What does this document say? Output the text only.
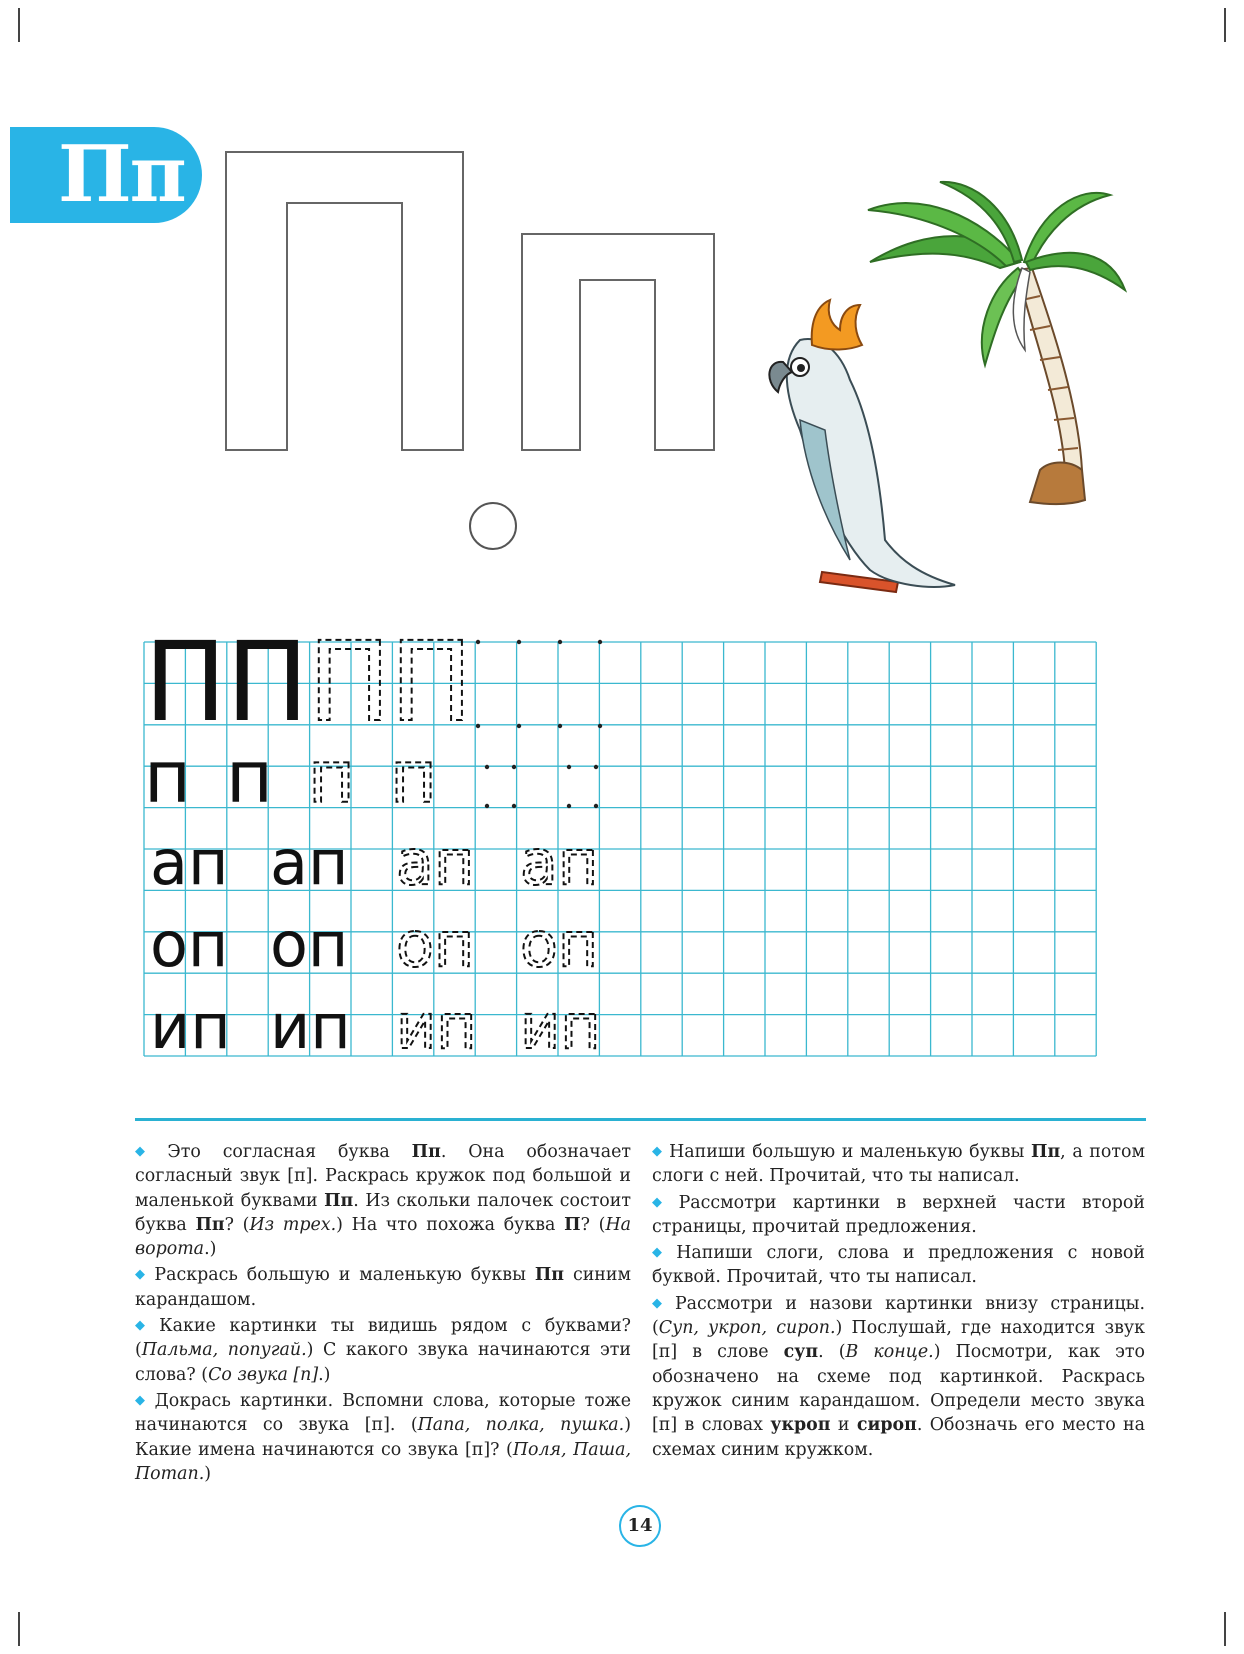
Пп
П П П П
п п п п
ап ап ап ап
оп оп оп оп
ип ип ип ип

◆ Это согласная буква Пп. Она обозначает согласный звук [п]. Раскрась кружок под большой и маленькой буквами Пп. Из скольки палочек состоит буква Пп? (Из трех.) На что похожа буква П? (На ворота.)

◆ Раскрась большую и маленькую буквы Пп синим карандашом.

◆ Какие картинки ты видишь рядом с буквами? (Пальма, попугай.) С какого звука начинаются эти слова? (Со звука [п].)

◆ Докрась картинки. Вспомни слова, которые тоже начинаются со звука [п]. (Папа, полка, пушка.) Какие имена начинаются со звука [п]? (Поля, Паша, Потап.)

◆ Напиши большую и маленькую буквы Пп, а потом слоги с ней. Прочитай, что ты написал.

◆ Рассмотри картинки в верхней части второй страницы, прочитай предложения.

◆ Напиши слоги, слова и предложения с новой буквой. Прочитай, что ты написал.

◆ Рассмотри и назови картинки внизу страницы. (Суп, укроп, сироп.) Послушай, где находится звук [п] в слове суп. (В конце.) Посмотри, как это обозначено на схеме под картинкой. Раскрась кружок синим карандашом. Определи место звука [п] в словах укроп и сироп. Обозначь его место на схемах синим кружком.

14
